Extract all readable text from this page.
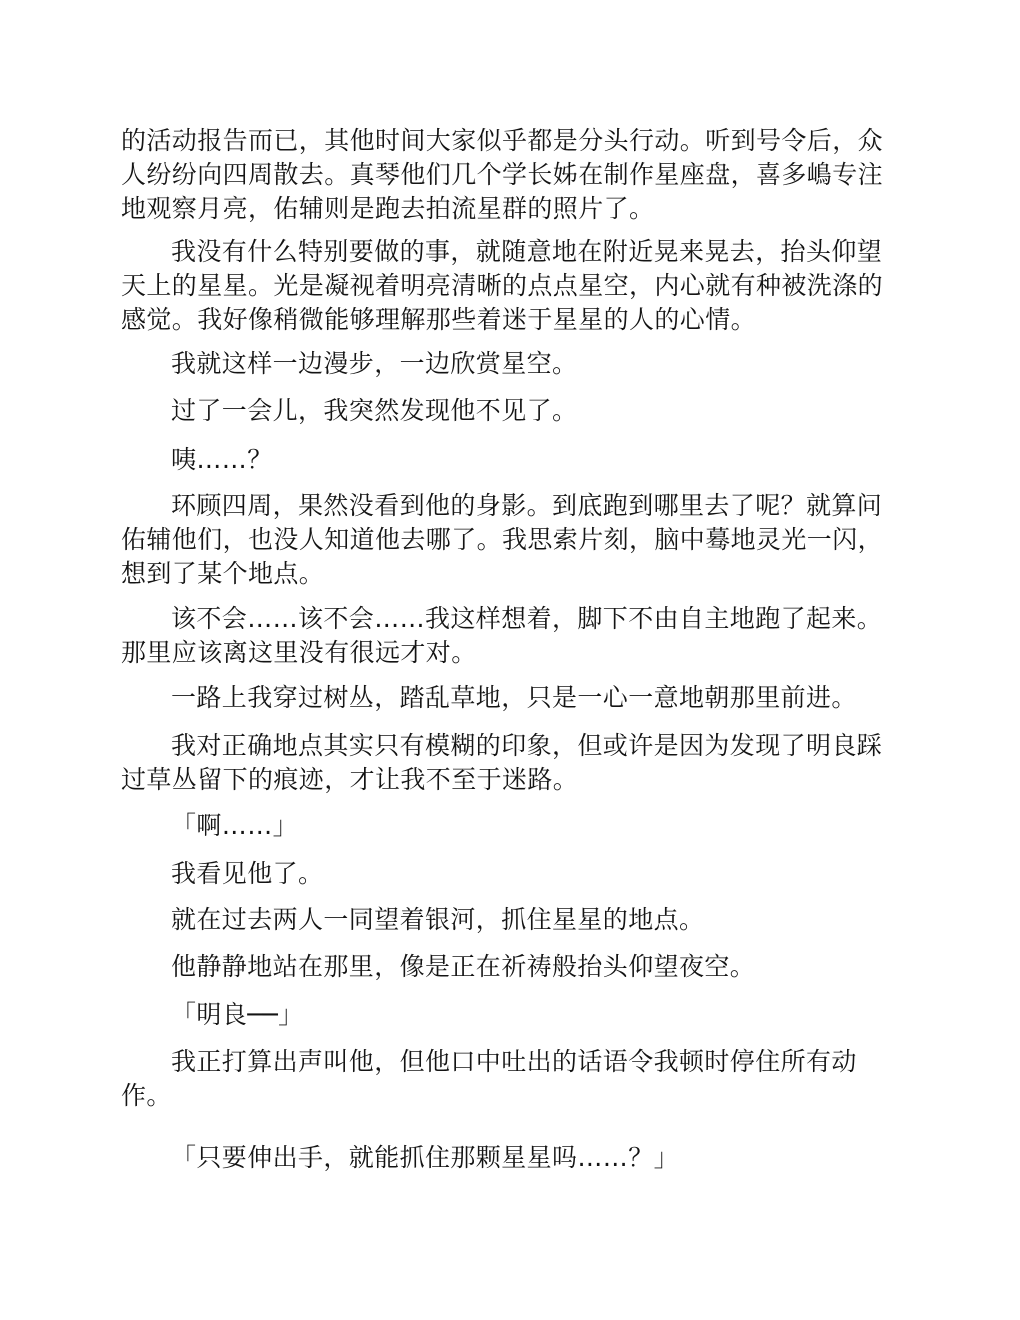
的活动报告而已，其他时间大家似乎都是分头行动。听到号令后，众人纷纷向四周散去。真琴他们几个学长姊在制作星座盘，喜多嶋专注地观察月亮，佑辅则是跑去拍流星群的照片了。

我没有什么特别要做的事，就随意地在附近晃来晃去，抬头仰望天上的星星。光是凝视着明亮清晰的点点星空，内心就有种被洗涤的感觉。我好像稍微能够理解那些着迷于星星的人的心情。

我就这样一边漫步，一边欣赏星空。

过了一会儿，我突然发现他不见了。

咦……？

环顾四周，果然没看到他的身影。到底跑到哪里去了呢？就算问佑辅他们，也没人知道他去哪了。我思索片刻，脑中蓦地灵光一闪，想到了某个地点。

该不会……该不会……我这样想着，脚下不由自主地跑了起来。那里应该离这里没有很远才对。

一路上我穿过树丛，踏乱草地，只是一心一意地朝那里前进。

我对正确地点其实只有模糊的印象，但或许是因为发现了明良踩过草丛留下的痕迹，才让我不至于迷路。

「啊……」

我看见他了。

就在过去两人一同望着银河，抓住星星的地点。

他静静地站在那里，像是正在祈祷般抬头仰望夜空。

「明良──」

我正打算出声叫他，但他口中吐出的话语令我顿时停住所有动作。

「只要伸出手，就能抓住那颗星星吗……？」
